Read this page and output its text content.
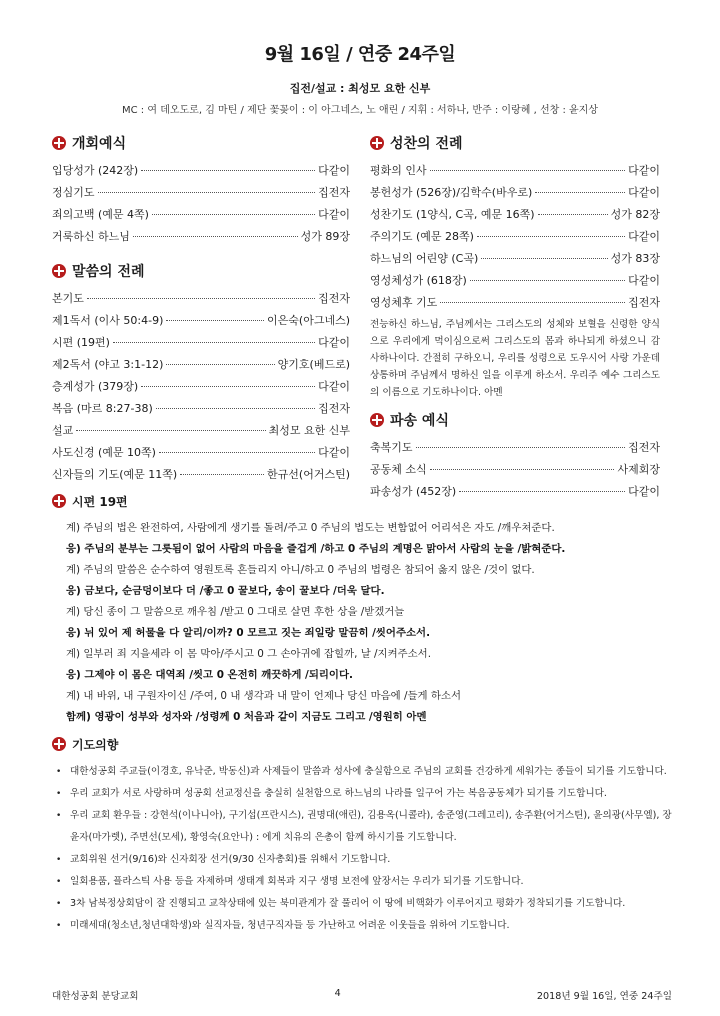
9월 16일 / 연중 24주일
집전/설교 : 최성모 요한 신부
MC : 여 데오도로, 김 마틴 / 제단 꽃꽂이 : 이 아그네스, 노 애린 / 지휘 : 서하나, 반주 : 이랑혜 , 선창 : 윤지상
개회예식
입당성가 (242장)	다같이
정심기도	집전자
죄의고백 (예문 4쪽)	다같이
거룩하신 하느님	성가 89장
말씀의 전례
본기도	집전자
제1독서 (이사 50:4-9)	이은숙(아그네스)
시편 (19편)	다같이
제2독서 (야고 3:1-12)	양기호(베드로)
층계성가 (379장)	다같이
복음 (마르 8:27-38)	집전자
설교	최성모 요한 신부
사도신경 (예문 10쪽)	다같이
신자들의 기도(예문 11쪽)	한규선(어거스틴)
성찬의 전례
평화의 인사	다같이
봉헌성가 (526장)/김학수(바우로)	다같이
성찬기도 (1양식, C곡, 예문 16쪽)	성가 82장
주의기도 (예문 28쪽)	다같이
하느님의 어린양 (C곡)	성가 83장
영성체성가 (618장)	다같이
영성체후 기도	집전자
전능하신 하느님, 주님께서는 그리스도의 성체와 보혈을 신령한 양식으로 우리에게 먹이심으로써 그리스도의 몸과 하나되게 하셨으니 감사하나이다. 간절히 구하오니, 우리를 성령으로 도우시어 사랑 가운데 상통하며 주님께서 명하신 일을 이루게 하소서. 우리주 예수 그리스도의 이름으로 기도하나이다. 아멘
파송 예식
축복기도	집전자
공동체 소식	사제회장
파송성가 (452장)	다같이
시편 19편
계) 주님의 법은 완전하여, 사람에게 생기를 돌려/주고 0 주님의 법도는 변함없어 어리석은 자도 /깨우쳐준다.
응) 주님의 분부는 그릇됨이 없어 사람의 마음을 즐겁게 /하고 0 주님의 계명은 맑아서 사람의 눈을 /밝혀준다.
계) 주님의 말씀은 순수하여 영원토록 흔들리지 아니/하고 0 주님의 법령은 참되어 옳지 않은 /것이 없다.
응) 금보다, 순금덩이보다 더 /좋고 0 꿀보다, 송이 꿀보다 /더욱 달다.
계) 당신 종이 그 말씀으로 깨우침 /받고 0 그대로 살면 후한 상을 /받겠거늘
응) 뉘 있어 제 허물을 다 알리/이까? 0 모르고 짓는 죄일랑 말끔히 /씻어주소서.
계) 일부러 죄 지을세라 이 몸 막아/주시고 0 그 손아귀에 잡힐까, 날 /지켜주소서.
응) 그제야 이 몸은 대역죄 /씻고 0 온전히 깨끗하게 /되리이다.
계) 내 바위, 내 구원자이신 /주여, 0 내 생각과 내 말이 언제나 당신 마음에 /들게 하소서
함께) 영광이 성부와 성자와 /성령께 0 처음과 같이 지금도 그리고 /영원히 아멘
기도의향
• 대한성공회 주교들(이경호, 유낙준, 박동신)과 사제들이 말씀과 성사에 충실함으로 주님의 교회를 건강하게 세워가는 종들이 되기를 기도합니다.
• 우리 교회가 서로 사랑하며 성공회 선교정신을 충실히 실천함으로 하느님의 나라를 일구어 가는 복음공동체가 되기를 기도합니다.
• 우리 교회 환우들 : 강현석(이나니아), 구기섭(프란시스), 권명대(애린), 김용옥(니콜라), 송준영(그레고리), 송주환(어거스틴), 윤의광(사무엘), 장윤자(마가렛), 주면선(모세), 황영숙(요안나) : 에게 치유의 은총이 함께 하시기를 기도합니다.
• 교회위원 선거(9/16)와 신자회장 선거(9/30 신자총회)를 위해서 기도합니다.
• 일회용품, 플라스틱 사용 등을 자제하며 생태계 회복과 지구 생명 보전에 앞장서는 우리가 되기를 기도합니다.
• 3차 남북정상회담이 잘 진행되고 교착상태에 있는 북미관계가 잘 풀리어 이 땅에 비핵화가 이루어지고 평화가 정착되기를 기도합니다.
• 미래세대(청소년,청년대학생)와 실직자들, 청년구직자들 등 가난하고 어려운 이웃들을 위하여 기도합니다.
대한성공회 분당교회	4	2018년 9월 16일, 연중 24주일
